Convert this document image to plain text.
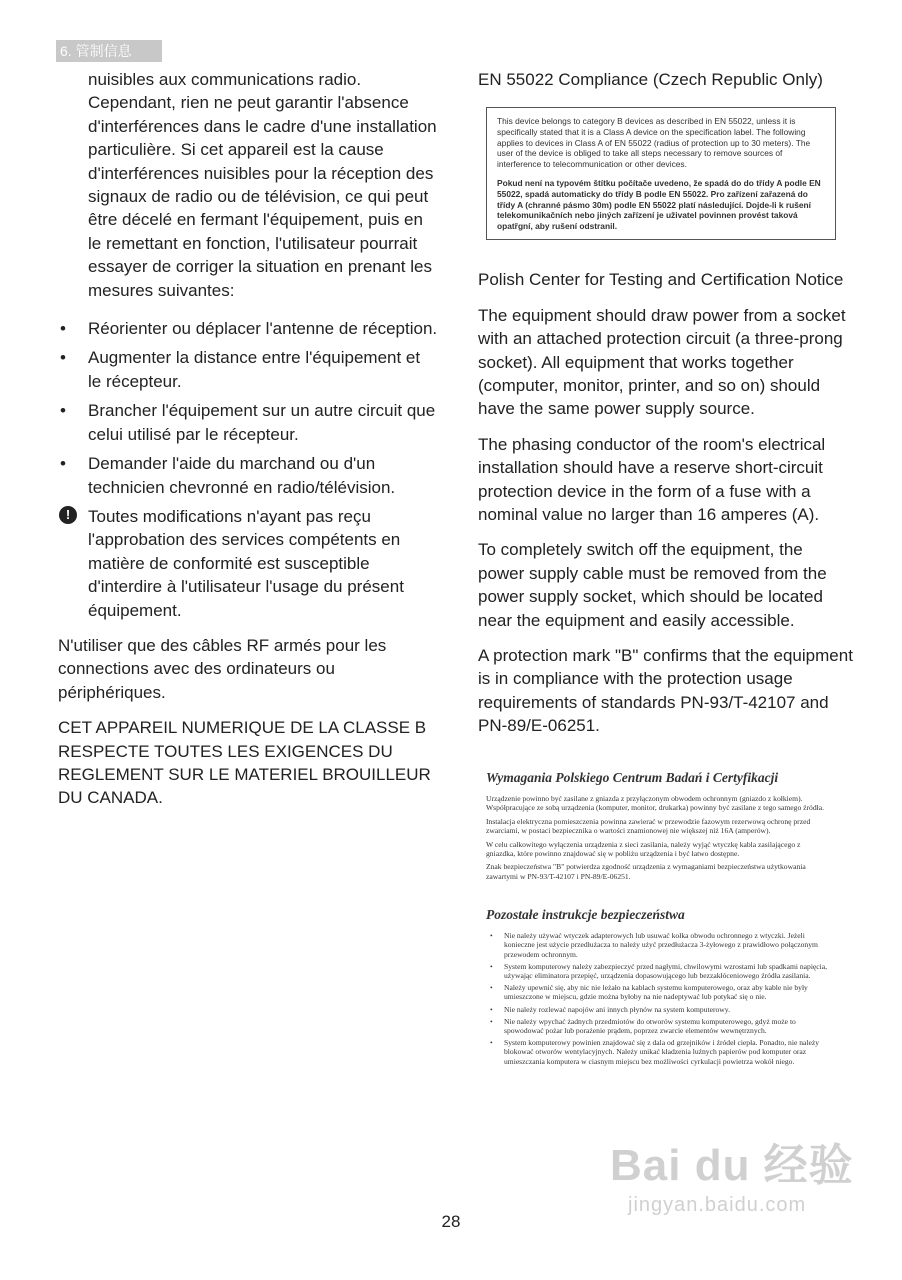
6. 管制信息

nuisibles aux communications radio. Cependant, rien ne peut garantir l'absence d'interférences dans le cadre d'une installation particulière. Si cet appareil est la cause d'interférences nuisibles pour la réception des signaux de radio ou de télévision, ce qui peut être décelé en fermant l'équipement, puis en le remettant en fonction, l'utilisateur pourrait essayer de corriger la situation en prenant les mesures suivantes:

• Réorienter ou déplacer l'antenne de réception.
• Augmenter la distance entre l'équipement et le récepteur.
• Brancher l'équipement sur un autre circuit que celui utilisé par le récepteur.
• Demander l'aide du marchand ou d'un technicien chevronné en radio/télévision.
!	Toutes modifications n'ayant pas reçu l'approbation des services compétents en matière de conformité est susceptible d'interdire à l'utilisateur l'usage du présent équipement.

N'utiliser que des câbles RF armés pour les connections avec des ordinateurs ou périphériques.

CET APPAREIL NUMERIQUE DE LA CLASSE B RESPECTE TOUTES LES EXIGENCES DU REGLEMENT SUR LE MATERIEL BROUILLEUR DU CANADA.

EN 55022 Compliance (Czech Republic Only)
This device belongs to category B devices as described in EN 55022, unless it is specifically stated that it is a Class A device on the specification label. The following applies to devices in Class A of EN 55022 (radius of protection up to 30 meters). The user of the device is obliged to take all steps necessary to remove sources of interference to telecommunication or other devices.
Pokud není na typovém štítku počítače uvedeno, že spadá do do třídy A podle EN 55022, spadá automaticky do třídy B podle EN 55022. Pro zařízení zařazená do třídy A (chranné pásmo 30m) podle EN 55022 platí následující. Dojde-li k rušení telekomunikačních nebo jiných zařízení je uživatel povinnen provést taková opatřgní, aby rušení odstranil.
Polish Center for Testing and Certification Notice

The equipment should draw power from a socket with an attached protection circuit (a three-prong socket). All equipment that works together (computer, monitor, printer, and so on) should have the same power supply source.

The phasing conductor of the room's electrical installation should have a reserve short-circuit protection device in the form of a fuse with a nominal value no larger than 16 amperes (A).

To completely switch off the equipment, the power supply cable must be removed from the power supply socket, which should be located near the equipment and easily accessible.

A protection mark "B" confirms that the equipment is in compliance with the protection usage requirements of standards PN-93/T-42107 and PN-89/E-06251.

Wymagania Polskiego Centrum Badań i Certyfikacji

Urządzenie powinno być zasilane z gniazda z przyłączonym obwodem ochronnym (gniazdo z kołkiem). Współpracujące ze sobą urządzenia (komputer, monitor, drukarka) powinny być zasilane z tego samego źródła.

Instalacja elektryczna pomieszczenia powinna zawierać w przewodzie fazowym rezerwową ochronę przed zwarciami, w postaci bezpiecznika o wartości znamionowej nie większej niż 16A (amperów).

W celu całkowitego wyłączenia urządzenia z sieci zasilania, należy wyjąć wtyczkę kabla zasilającego z gniazdka, które powinno znajdować się w pobliżu urządzenia i być łatwo dostępne.

Znak bezpieczeństwa "B" potwierdza zgodność urządzenia z wymaganiami bezpieczeństwa użytkowania zawartymi w PN-93/T-42107 i PN-89/E-06251.

Pozostałe instrukcje bezpieczeństwa
• Nie należy używać wtyczek adapterowych lub usuwać kołka obwodu ochronnego z wtyczki. Jeżeli konieczne jest użycie przedłużacza to należy użyć przedłużacza 3-żyłowego z prawidłowo połączonym przewodem ochronnym.
• System komputerowy należy zabezpieczyć przed nagłymi, chwilowymi wzrostami lub spadkami napięcia, używając eliminatora przepięć, urządzenia dopasowującego lub bezzakłóceniowego źródła zasilania.
• Należy upewnić się, aby nic nie leżało na kablach systemu komputerowego, oraz aby kable nie były umieszczone w miejscu, gdzie można byłoby na nie nadeptywać lub potykać się o nie.
• Nie należy rozlewać napojów ani innych płynów na system komputerowy.
• Nie należy wpychać żadnych przedmiotów do otworów systemu komputerowego, gdyż może to spowodować pożar lub porażenie prądem, poprzez zwarcie elementów wewnętrznych.
• System komputerowy powinien znajdować się z dala od grzejników i źródeł ciepła. Ponadto, nie należy blokować otworów wentylacyjnych. Należy unikać kładzenia luźnych papierów pod komputer oraz umieszczania komputera w ciasnym miejscu bez możliwości cyrkulacji powietrza wokół niego.
Bai du 经验
jingyan.baidu.com
28
